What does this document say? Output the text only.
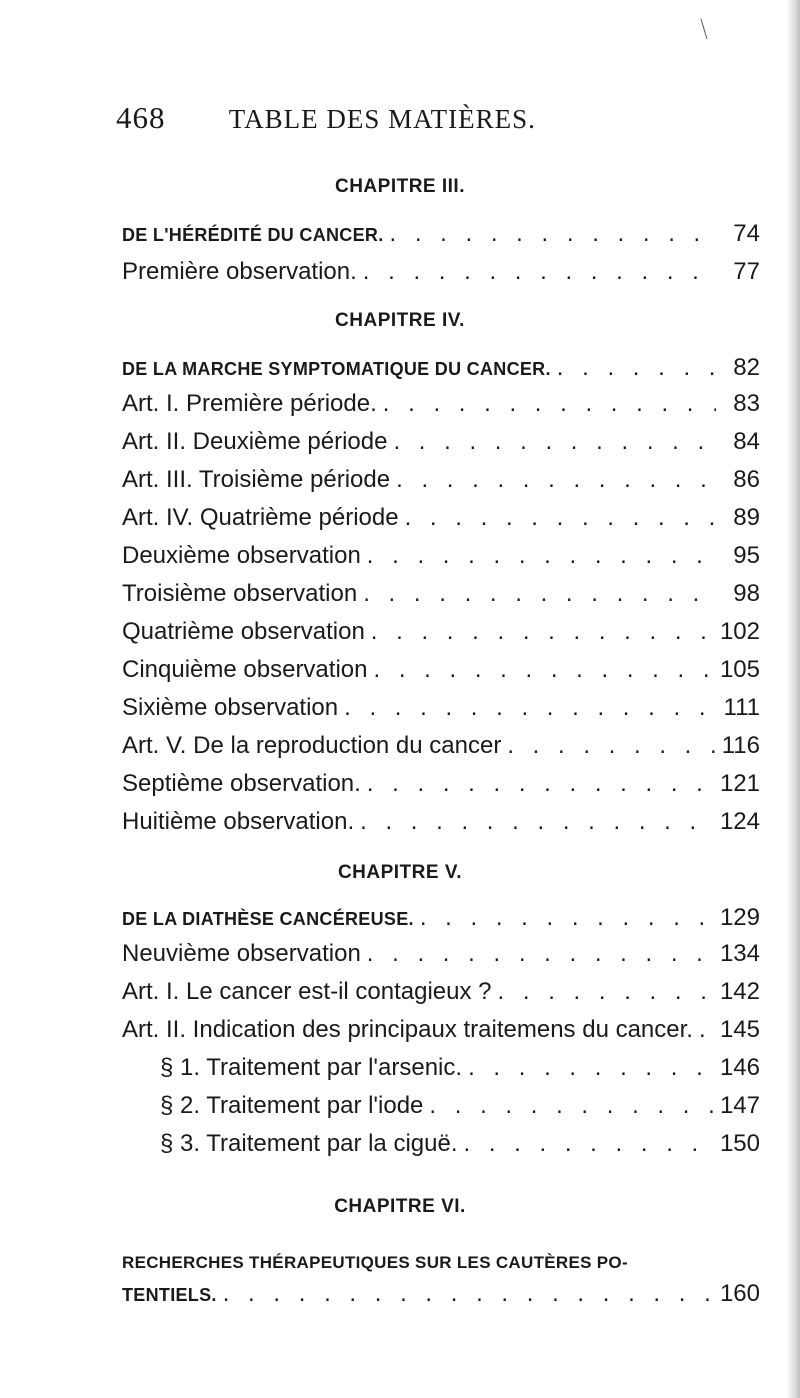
468 TABLE DES MATIÈRES.
CHAPITRE III.
DE L'HÉRÉDITÉ DU CANCER. . . .	74
Première observation. . . .	77
CHAPITRE IV.
DE LA MARCHE SYMPTOMATIQUE DU CANCER. . . .	82
Art. I. Première période. . . .	83
Art. II. Deuxième période . . .	84
Art. III. Troisième période . . .	86
Art. IV. Quatrième période . . .	89
Deuxième observation . . .	95
Troisième observation . . .	98
Quatrième observation . . .	102
Cinquième observation . . .	105
Sixième observation . . .	111
Art. V. De la reproduction du cancer . . .	116
Septième observation. . . .	121
Huitième observation. . . .	124
CHAPITRE V.
DE LA DIATHÈSE CANCÉREUSE. . . .	129
Neuvième observation . . .	134
Art. I. Le cancer est-il contagieux ? . . .	142
Art. II. Indication des principaux traitemens du cancer. . . . 145
§ 1. Traitement par l'arsenic. . . .	146
§ 2. Traitement par l'iode . . .	147
§ 3. Traitement par la ciguë. . . .	150
CHAPITRE VI.
RECHERCHES THÉRAPEUTIQUES SUR LES CAUTÈRES PO-
TENTIELS. . . .	160
